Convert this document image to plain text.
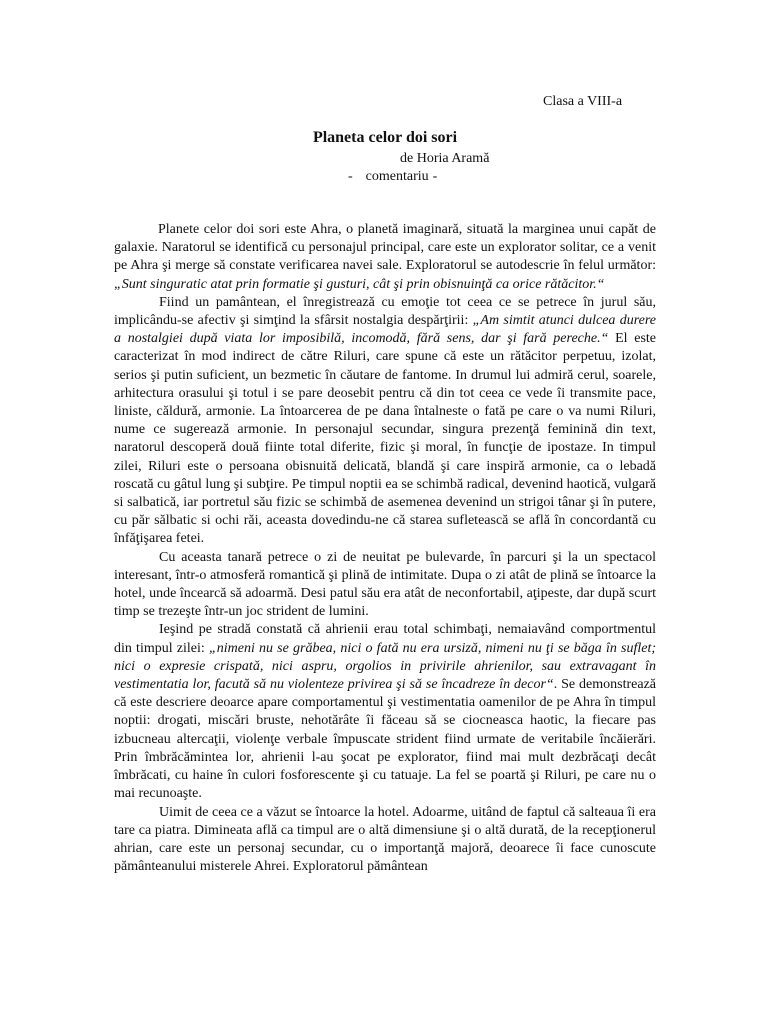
Clasa a VIII-a
Planeta celor doi sori
de Horia Aramă
- comentariu -

Planete celor doi sori este Ahra, o planetă imaginară, situată la marginea unui capăt de galaxie. Naratorul se identifică cu personajul principal, care este un explorator solitar, ce a venit pe Ahra şi merge să constate verificarea navei sale. Exploratorul se autodescrie în felul următor: „Sunt singuratic atat prin formatie şi gusturi, cât şi prin obisnuinţă ca orice rătăcitor.“

Fiind un pamântean, el înregistrează cu emoţie tot ceea ce se petrece în jurul său, implicându-se afectiv şi simţind la sfârsit nostalgia despărţirii: „Am simtit atunci dulcea durere a nostalgiei după viata lor imposibilă, incomodă, fără sens, dar şi fară pereche.“ El este caracterizat în mod indirect de către Riluri, care spune că este un rătăcitor perpetuu, izolat, serios şi putin suficient, un bezmetic în căutare de fantome. In drumul lui admiră cerul, soarele, arhitectura orasului şi totul i se pare deosebit pentru că din tot ceea ce vede îi transmite pace, liniste, căldură, armonie. La întoarcerea de pe dana întalneste o fată pe care o va numi Riluri, nume ce sugerează armonie. In personajul secundar, singura prezenţă feminină din text, naratorul descoperă două fiinte total diferite, fizic şi moral, în funcţie de ipostaze. In timpul zilei, Riluri este o persoana obisnuită delicată, blandă şi care inspiră armonie, ca o lebadă roscată cu gâtul lung şi subţire. Pe timpul noptii ea se schimbă radical, devenind haotică, vulgară si salbatică, iar portretul său fizic se schimbă de asemenea devenind un strigoi tânar şi în putere, cu păr sălbatic si ochi răi, aceasta dovedindu-ne că starea sufletească se află în concordantă cu înfăţişarea fetei.

Cu aceasta tanară petrece o zi de neuitat pe bulevarde, în parcuri şi la un spectacol interesant, într-o atmosferă romantică şi plină de intimitate. Dupa o zi atât de plină se întoarce la hotel, unde încearcă să adoarmă. Desi patul său era atât de neconfortabil, aţipeste, dar după scurt timp se trezeşte într-un joc strident de lumini.

Ieşind pe stradă constată că ahrienii erau total schimbaţi, nemaiavând comportmentul din timpul zilei: „nimeni nu se grăbea, nici o fată nu era ursiză, nimeni nu ţi se băga în suflet; nici o expresie crispată, nici aspru, orgolios in privirile ahrienilor, sau extravagant în vestimentatia lor, facută să nu violenteze privirea şi să se încadreze în decor“. Se demonstrează că este descriere deoarce apare comportamentul şi vestimentatia oamenilor de pe Ahra în timpul noptii: drogati, miscări bruste, nehotărâte îi făceau să se ciocneasca haotic, la fiecare pas izbucneau altercaţii, violenţe verbale împuscate strident fiind urmate de veritabile încăierări. Prin îmbrăcămintea lor, ahrienii l-au şocat pe explorator, fiind mai mult dezbrăcaţi decât îmbrăcati, cu haine în culori fosforescente şi cu tatuaje. La fel se poartă şi Riluri, pe care nu o mai recunoaşte.

Uimit de ceea ce a văzut se întoarce la hotel. Adoarme, uitând de faptul că salteaua îi era tare ca piatra. Dimineata află ca timpul are o altă dimensiune şi o altă durată, de la recepţionerul ahrian, care este un personaj secundar, cu o importanţă majoră, deoarece îi face cunoscute pământeanului misterele Ahrei. Exploratorul pământean
